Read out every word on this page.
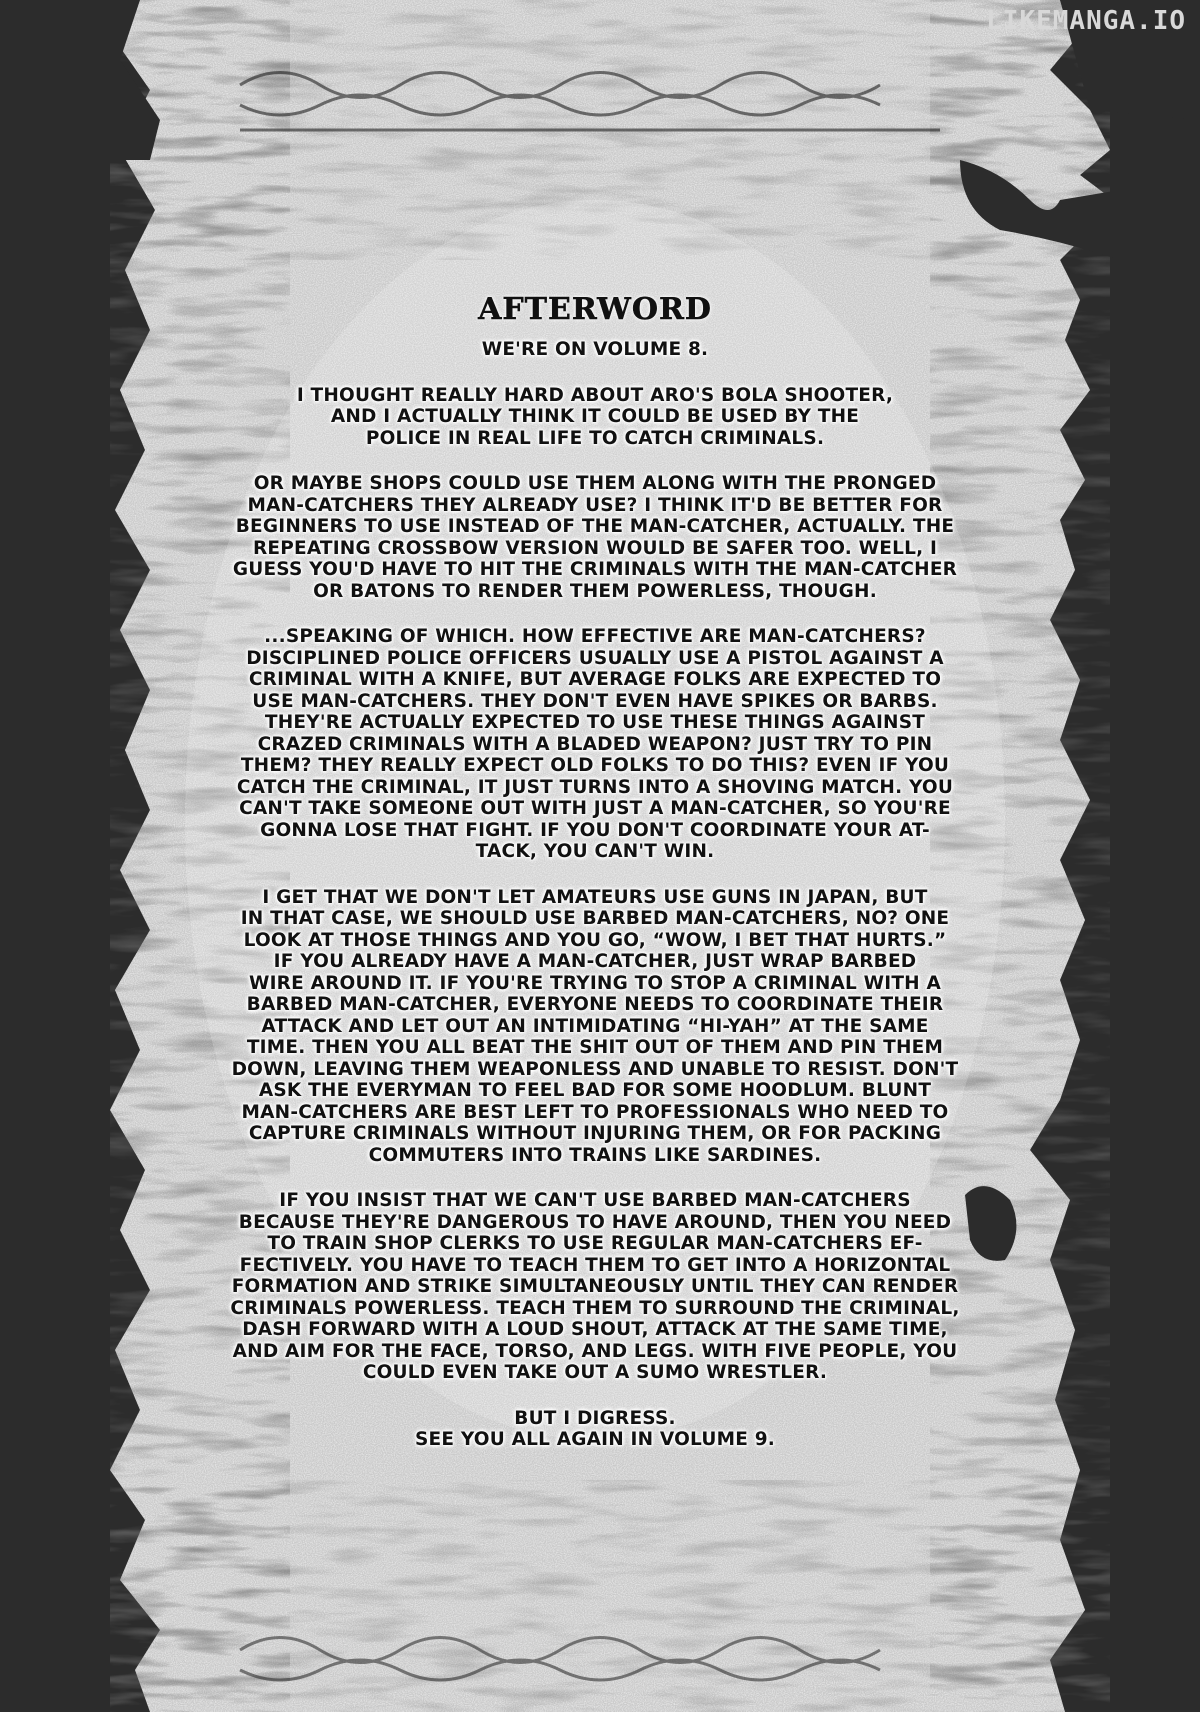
LIKEMANGA.IO
AFTERWORD
WE'RE ON VOLUME 8.
I THOUGHT REALLY HARD ABOUT ARO'S BOLA SHOOTER,
AND I ACTUALLY THINK IT COULD BE USED BY THE
POLICE IN REAL LIFE TO CATCH CRIMINALS.
OR MAYBE SHOPS COULD USE THEM ALONG WITH THE PRONGED
MAN-CATCHERS THEY ALREADY USE? I THINK IT'D BE BETTER FOR
BEGINNERS TO USE INSTEAD OF THE MAN-CATCHER, ACTUALLY. THE
REPEATING CROSSBOW VERSION WOULD BE SAFER TOO. WELL, I
GUESS YOU'D HAVE TO HIT THE CRIMINALS WITH THE MAN-CATCHER
OR BATONS TO RENDER THEM POWERLESS, THOUGH.
...SPEAKING OF WHICH. HOW EFFECTIVE ARE MAN-CATCHERS?
DISCIPLINED POLICE OFFICERS USUALLY USE A PISTOL AGAINST A
CRIMINAL WITH A KNIFE, BUT AVERAGE FOLKS ARE EXPECTED TO
USE MAN-CATCHERS. THEY DON'T EVEN HAVE SPIKES OR BARBS.
THEY'RE ACTUALLY EXPECTED TO USE THESE THINGS AGAINST
CRAZED CRIMINALS WITH A BLADED WEAPON? JUST TRY TO PIN
THEM? THEY REALLY EXPECT OLD FOLKS TO DO THIS? EVEN IF YOU
CATCH THE CRIMINAL, IT JUST TURNS INTO A SHOVING MATCH. YOU
CAN'T TAKE SOMEONE OUT WITH JUST A MAN-CATCHER, SO YOU'RE
GONNA LOSE THAT FIGHT. IF YOU DON'T COORDINATE YOUR AT-
TACK, YOU CAN'T WIN.
I GET THAT WE DON'T LET AMATEURS USE GUNS IN JAPAN, BUT
IN THAT CASE, WE SHOULD USE BARBED MAN-CATCHERS, NO? ONE
LOOK AT THOSE THINGS AND YOU GO, “WOW, I BET THAT HURTS.”
IF YOU ALREADY HAVE A MAN-CATCHER, JUST WRAP BARBED
WIRE AROUND IT. IF YOU'RE TRYING TO STOP A CRIMINAL WITH A
BARBED MAN-CATCHER, EVERYONE NEEDS TO COORDINATE THEIR
ATTACK AND LET OUT AN INTIMIDATING “HI-YAH” AT THE SAME
TIME. THEN YOU ALL BEAT THE SHIT OUT OF THEM AND PIN THEM
DOWN, LEAVING THEM WEAPONLESS AND UNABLE TO RESIST. DON'T
ASK THE EVERYMAN TO FEEL BAD FOR SOME HOODLUM. BLUNT
MAN-CATCHERS ARE BEST LEFT TO PROFESSIONALS WHO NEED TO
CAPTURE CRIMINALS WITHOUT INJURING THEM, OR FOR PACKING
COMMUTERS INTO TRAINS LIKE SARDINES.
IF YOU INSIST THAT WE CAN'T USE BARBED MAN-CATCHERS
BECAUSE THEY'RE DANGEROUS TO HAVE AROUND, THEN YOU NEED
TO TRAIN SHOP CLERKS TO USE REGULAR MAN-CATCHERS EF-
FECTIVELY. YOU HAVE TO TEACH THEM TO GET INTO A HORIZONTAL
FORMATION AND STRIKE SIMULTANEOUSLY UNTIL THEY CAN RENDER
CRIMINALS POWERLESS. TEACH THEM TO SURROUND THE CRIMINAL,
DASH FORWARD WITH A LOUD SHOUT, ATTACK AT THE SAME TIME,
AND AIM FOR THE FACE, TORSO, AND LEGS. WITH FIVE PEOPLE, YOU
COULD EVEN TAKE OUT A SUMO WRESTLER.
BUT I DIGRESS.
SEE YOU ALL AGAIN IN VOLUME 9.
